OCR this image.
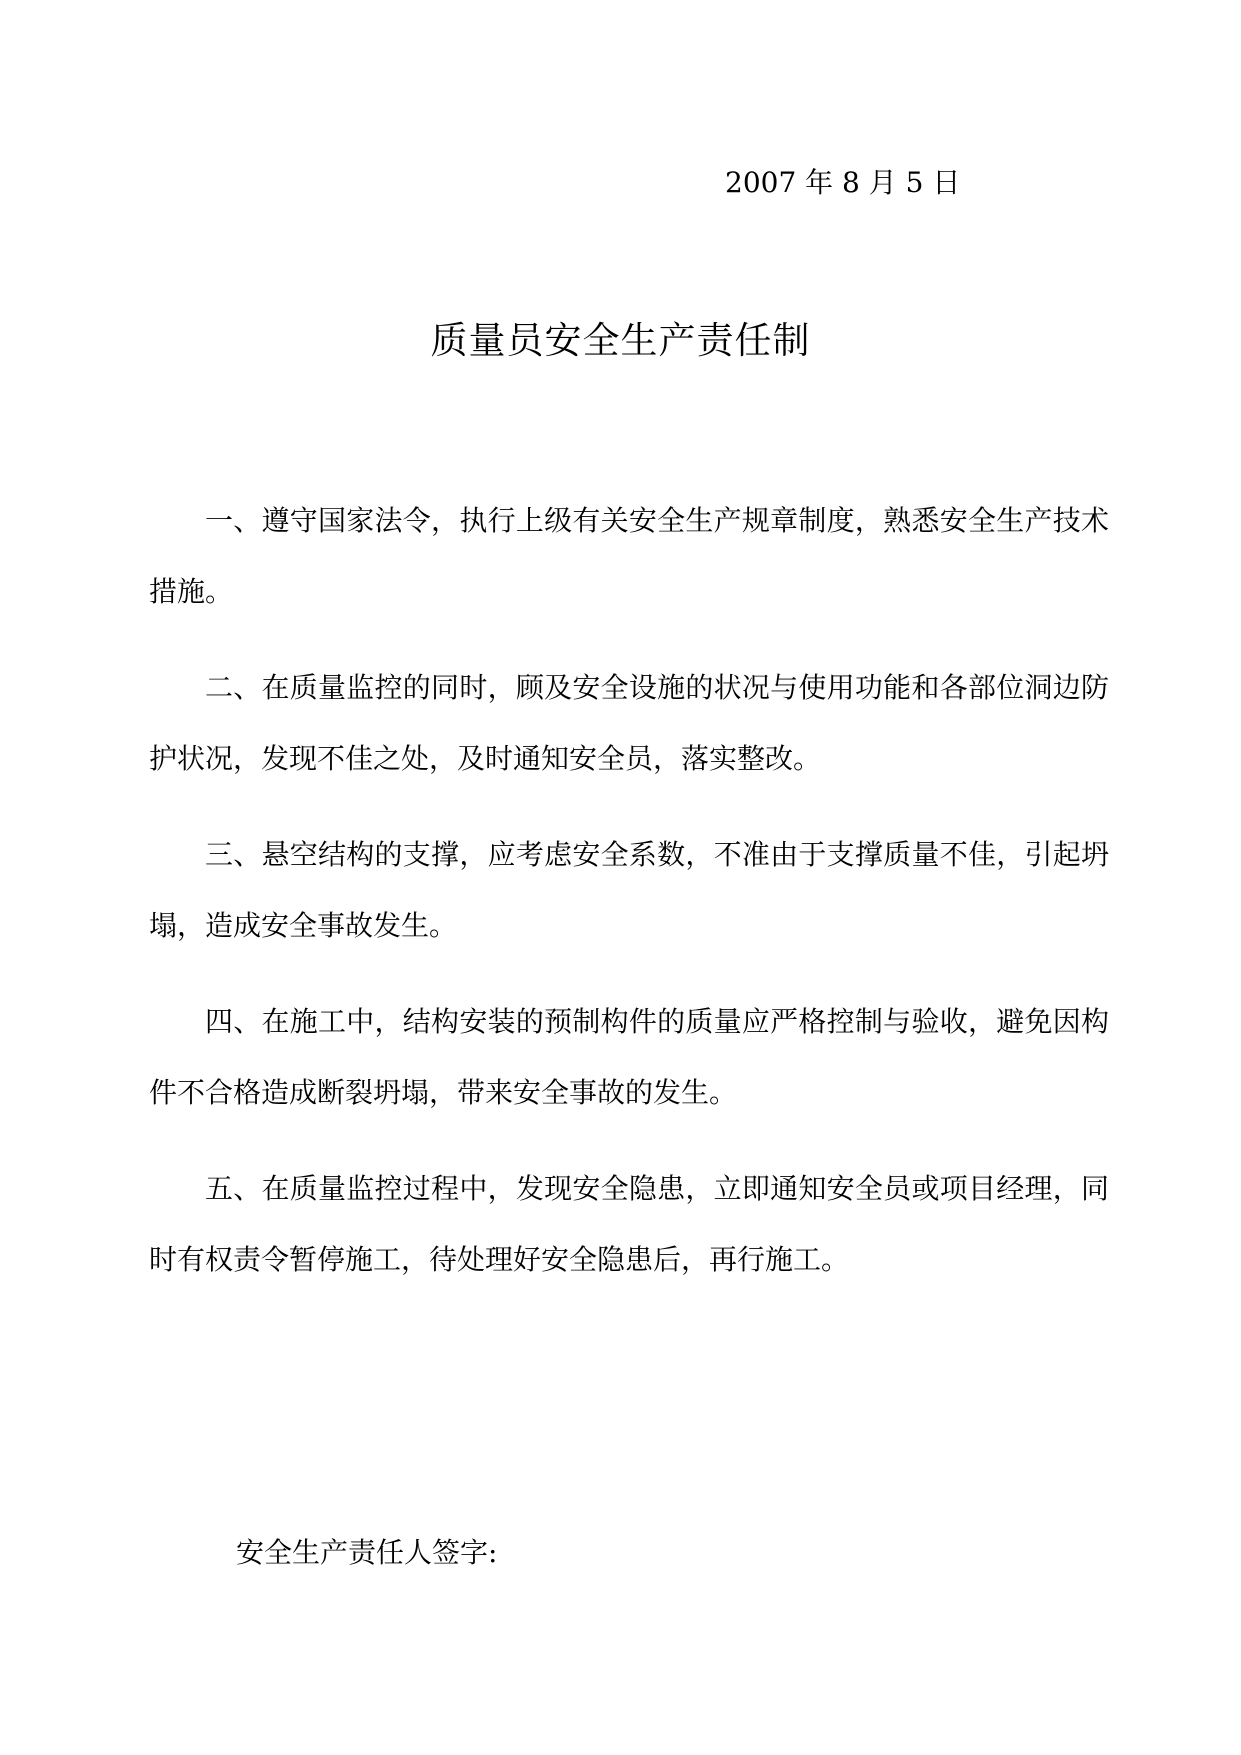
2007 年 8 月 5 日
质量员安全生产责任制

一、遵守国家法令，执行上级有关安全生产规章制度，熟悉安全生产技术措施。

二、在质量监控的同时，顾及安全设施的状况与使用功能和各部位洞边防护状况，发现不佳之处，及时通知安全员，落实整改。

三、悬空结构的支撑，应考虑安全系数，不准由于支撑质量不佳，引起坍塌，造成安全事故发生。

四、在施工中，结构安装的预制构件的质量应严格控制与验收，避免因构件不合格造成断裂坍塌，带来安全事故的发生。

五、在质量监控过程中，发现安全隐患，立即通知安全员或项目经理，同时有权责令暂停施工，待处理好安全隐患后，再行施工。

安全生产责任人签字:
